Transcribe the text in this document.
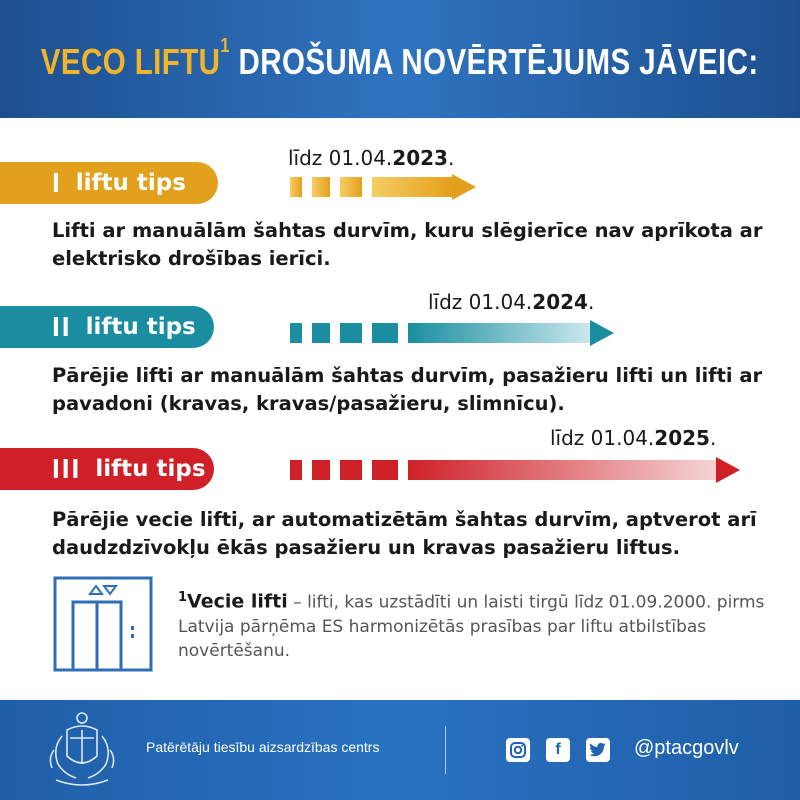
VECO LIFTU$^1$ DROŠUMA NOVĒRTĒJUMS JĀVEIC:
I liftu tips
līdz 01.04.2023.
Lifti ar manuālām šahtas durvīm, kuru slēgierīce nav aprīkota ar elektrisko drošības ierīci.
II liftu tips
līdz 01.04.2024.
Pārējie lifti ar manuālām šahtas durvīm, pasažieru lifti un lifti ar pavadoni (kravas, kravas/pasažieru, slimnīcu).
III liftu tips
līdz 01.04.2025.
Pārējie vecie lifti, ar automatizētām šahtas durvīm, aptverot arī daudzdzīvokļu ēkās pasažieru un kravas pasažieru liftus.
$^1$Vecie lifti – lifti, kas uzstādīti un laisti tirgū līdz 01.09.2000. pirms Latvija pārņēma ES harmonizētās prasības par liftu atbilstības novērtēšanu.
Patērētāju tiesību aizsardzības centrs	f	@ptacgovlv
